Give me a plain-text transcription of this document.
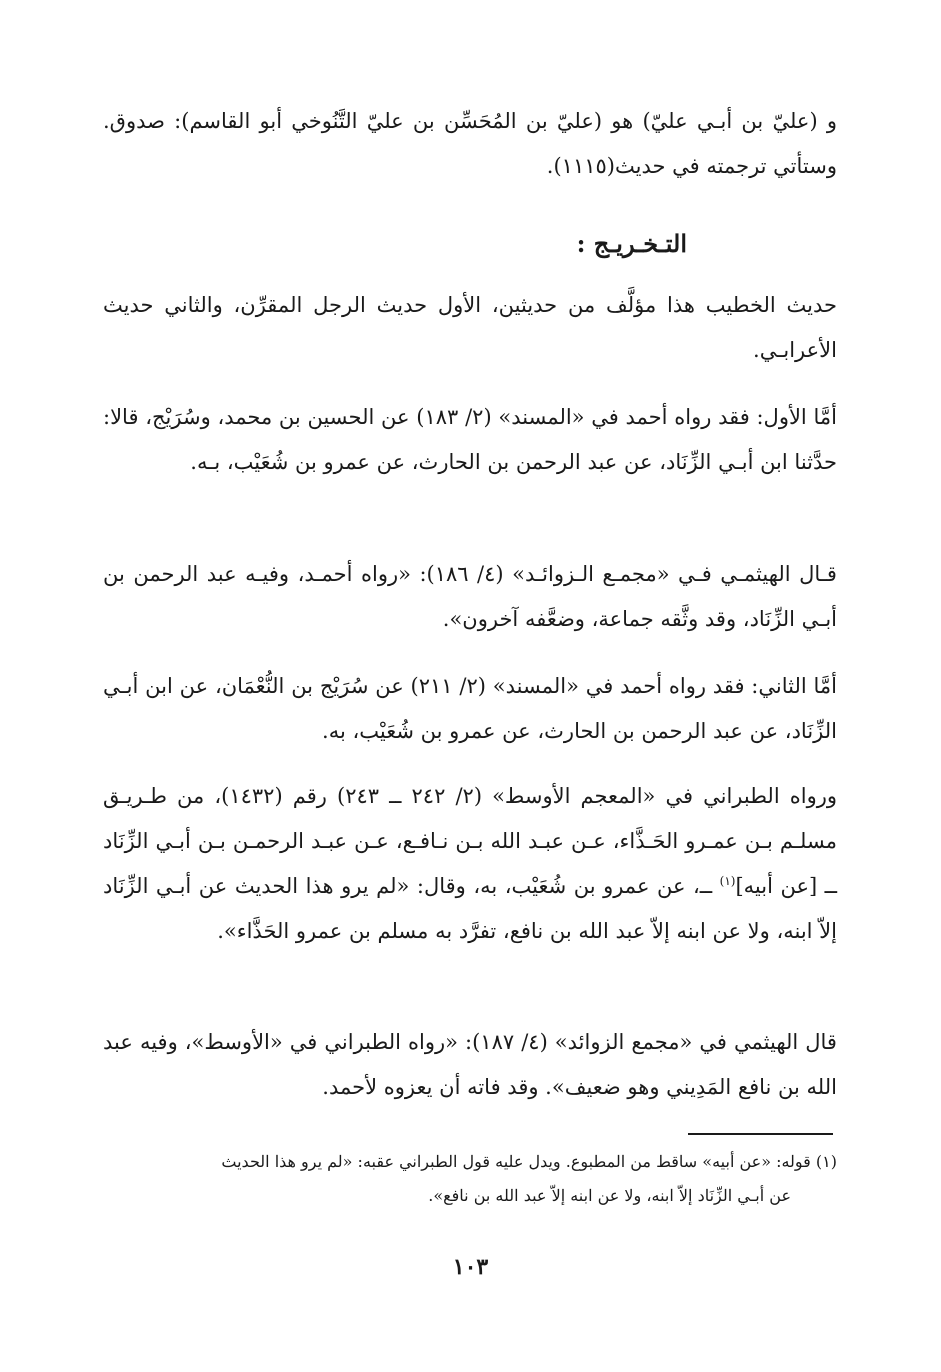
و (عليّ بن أبـي عليّ) هو (عليّ بن المُحَسِّن بن عليّ التَّنُوخي أبو القاسم): صدوق. وستأتي ترجمته في حديث(١١١٥).

التـخـريـج :

حديث الخطيب هذا مؤلَّف من حديثين، الأول حديث الرجل المقرِّن، والثاني حديث الأعرابـي.

أمَّا الأول: فقد رواه أحمد في «المسند» (٢/ ١٨٣) عن الحسين بن محمد، وسُرَيْج، قالا: حدَّثنا ابن أبـي الزِّنَاد، عن عبد الرحمن بن الحارث، عن عمرو بن شُعَيْب، بـه.

قـال الهيثمـي فـي «مجمـع الـزوائـد» (٤/ ١٨٦): «رواه أحمـد، وفيـه عبد الرحمن بن أبـي الزِّنَاد، وقد وثَّقه جماعة، وضعَّفه آخرون».

أمَّا الثاني: فقد رواه أحمد في «المسند» (٢/ ٢١١) عن سُرَيْج بن النُّعْمَان، عن ابن أبـي الزِّنَاد، عن عبد الرحمن بن الحارث، عن عمرو بن شُعَيْب، به.

ورواه الطبراني في «المعجم الأوسط» (٢/ ٢٤٢ ــ ٢٤٣) رقم (١٤٣٢)، من طـريـق مسلـم بـن عمـرو الحَـذَّاء، عـن عبـد الله بـن نـافـع، عـن عبـد الرحمـن بـن أبـي الزِّنَاد ــ [عن أبيه]$^{(١)}$ ــ، عن عمرو بن شُعَيْب، به، وقال: «لم يرو هذا الحديث عن أبـي الزِّنَاد إلاّ ابنه، ولا عن ابنه إلاّ عبد الله بن نافع، تفرَّد به مسلم بن عمرو الحَذَّاء».

قال الهيثمي في «مجمع الزوائد» (٤/ ١٨٧): «رواه الطبراني في «الأوسط»، وفيه عبد الله بن نافع المَدِيني وهو ضعيف». وقد فاته أن يعزوه لأحمد.

(١) قوله: «عن أبيه» ساقط من المطبوع. ويدل عليه قول الطبراني عقبه: «لم يرو هذا الحديث
عن أبـي الزِّنَاد إلاّ ابنه، ولا عن ابنه إلاّ عبد الله بن نافع».

١٠٣
